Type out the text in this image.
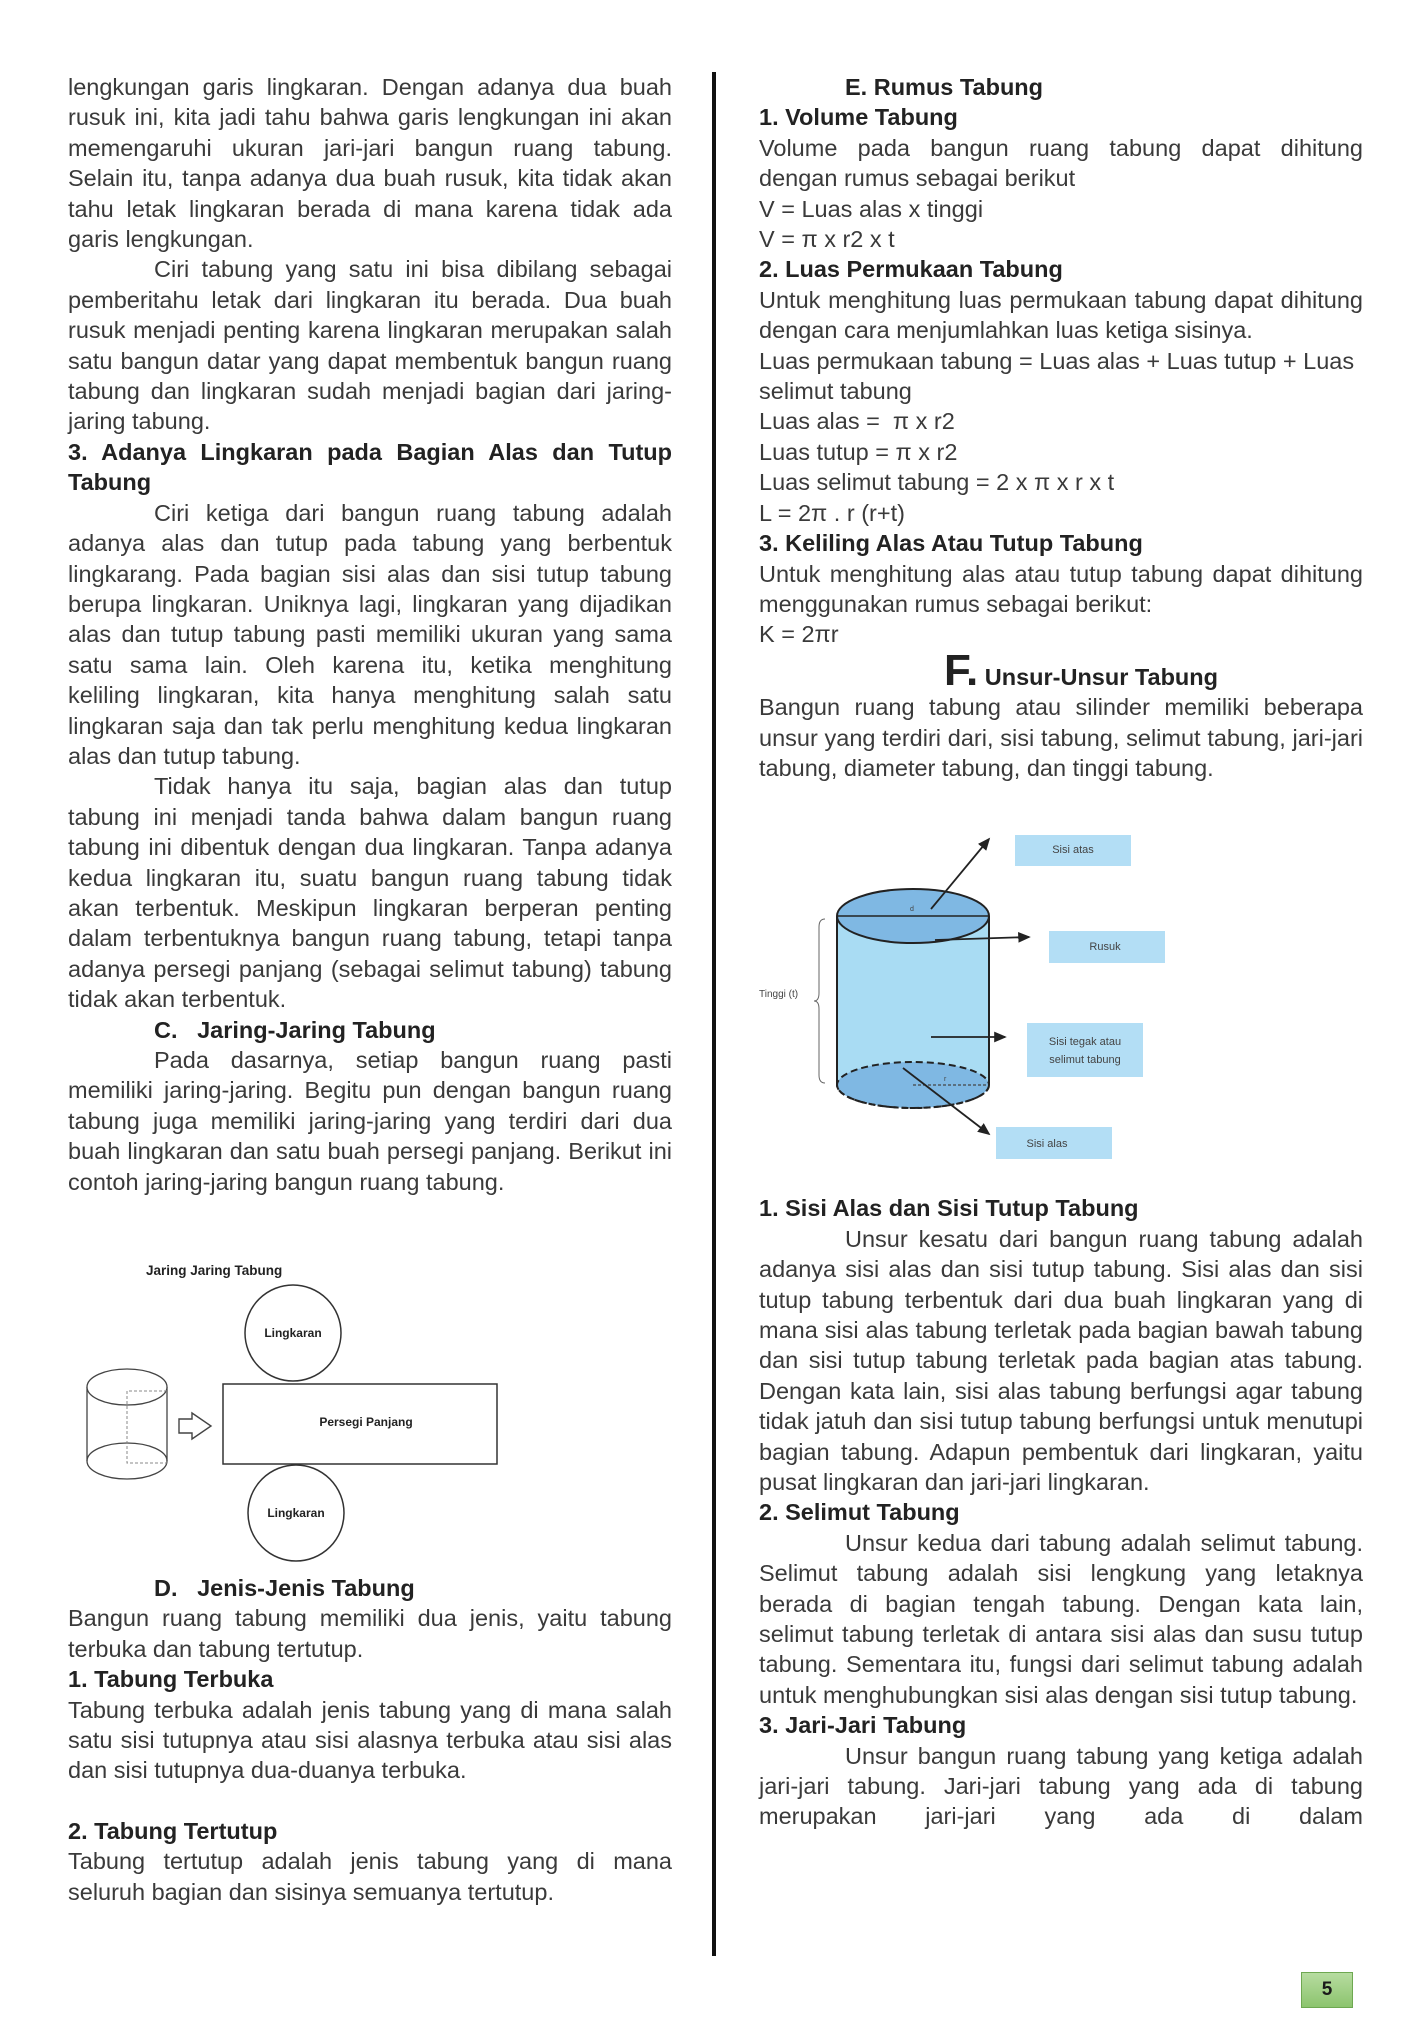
lengkungan garis lingkaran. Dengan adanya dua buah rusuk ini, kita jadi tahu bahwa garis lengkungan ini akan memengaruhi ukuran jari-jari bangun ruang tabung. Selain itu, tanpa adanya dua buah rusuk, kita tidak akan tahu letak lingkaran berada di mana karena tidak ada garis lengkungan.

Ciri tabung yang satu ini bisa dibilang sebagai pemberitahu letak dari lingkaran itu berada. Dua buah rusuk menjadi penting karena lingkaran merupakan salah satu bangun datar yang dapat membentuk bangun ruang tabung dan lingkaran sudah menjadi bagian dari jaring-jaring tabung.

3. Adanya Lingkaran pada Bagian Alas dan Tutup Tabung

Ciri ketiga dari bangun ruang tabung adalah adanya alas dan tutup pada tabung yang berbentuk lingkarang. Pada bagian sisi alas dan sisi tutup tabung berupa lingkaran. Uniknya lagi, lingkaran yang dijadikan alas dan tutup tabung pasti memiliki ukuran yang sama satu sama lain. Oleh karena itu, ketika menghitung keliling lingkaran, kita hanya menghitung salah satu lingkaran saja dan tak perlu menghitung kedua lingkaran alas dan tutup tabung.

Tidak hanya itu saja, bagian alas dan tutup tabung ini menjadi tanda bahwa dalam bangun ruang tabung ini dibentuk dengan dua lingkaran. Tanpa adanya kedua lingkaran itu, suatu bangun ruang tabung tidak akan terbentuk. Meskipun lingkaran berperan penting dalam terbentuknya bangun ruang tabung, tetapi tanpa adanya persegi panjang (sebagai selimut tabung) tabung tidak akan terbentuk.

C.   Jaring-Jaring Tabung

Pada dasarnya, setiap bangun ruang pasti memiliki jaring-jaring. Begitu pun dengan bangun ruang tabung juga memiliki jaring-jaring yang terdiri dari dua buah lingkaran dan satu buah persegi panjang. Berikut ini contoh jaring-jaring bangun ruang tabung.

Jaring Jaring Tabung
Lingkaran
Persegi Panjang
Lingkaran

D.   Jenis-Jenis Tabung

Bangun ruang tabung memiliki dua jenis, yaitu tabung terbuka dan tabung tertutup.

1. Tabung Terbuka

Tabung terbuka adalah jenis tabung yang di mana salah satu sisi tutupnya atau sisi alasnya terbuka atau sisi alas dan sisi tutupnya dua-duanya terbuka.

2. Tabung Tertutup

Tabung tertutup adalah jenis tabung yang di mana seluruh bagian dan sisinya semuanya tertutup.

E. Rumus Tabung

1. Volume Tabung

Volume pada bangun ruang tabung dapat dihitung dengan rumus sebagai berikut

V = Luas alas x tinggi

V = π x r2 x t

2. Luas Permukaan Tabung

Untuk menghitung luas permukaan tabung dapat dihitung dengan cara menjumlahkan luas ketiga sisinya.

Luas permukaan tabung = Luas alas + Luas tutup + Luas selimut tabung

Luas alas =  π x r2

Luas tutup = π x r2

Luas selimut tabung = 2 x π x r x t

L = 2π . r (r+t)

3. Keliling Alas Atau Tutup Tabung

Untuk menghitung alas atau tutup tabung dapat dihitung menggunakan rumus sebagai berikut:

K = 2πr

F. Unsur-Unsur Tabung

Bangun ruang tabung atau silinder memiliki beberapa unsur yang terdiri dari, sisi tabung, selimut tabung, jari-jari tabung, diameter tabung, dan tinggi tabung.

r
d
Tinggi (t)
Sisi atas
Rusuk
Sisi tegak atau
selimut tabung
Sisi alas

1. Sisi Alas dan Sisi Tutup Tabung

Unsur kesatu dari bangun ruang tabung adalah adanya sisi alas dan sisi tutup tabung. Sisi alas dan sisi tutup tabung terbentuk dari dua buah lingkaran yang di mana sisi alas tabung terletak pada bagian bawah tabung dan sisi tutup tabung terletak pada bagian atas tabung. Dengan kata lain, sisi alas tabung berfungsi agar tabung tidak jatuh dan sisi tutup tabung berfungsi untuk menutupi bagian tabung. Adapun pembentuk dari lingkaran, yaitu pusat lingkaran dan jari-jari lingkaran.

2. Selimut Tabung

Unsur kedua dari tabung adalah selimut tabung. Selimut tabung adalah sisi lengkung yang letaknya berada di bagian tengah tabung. Dengan kata lain, selimut tabung terletak di antara sisi alas dan susu tutup tabung. Sementara itu, fungsi dari selimut tabung adalah untuk menghubungkan sisi alas dengan sisi tutup tabung.

3. Jari-Jari Tabung

Unsur bangun ruang tabung yang ketiga adalah jari-jari tabung. Jari-jari tabung yang ada di tabung merupakan jari-jari yang ada di dalam

5
